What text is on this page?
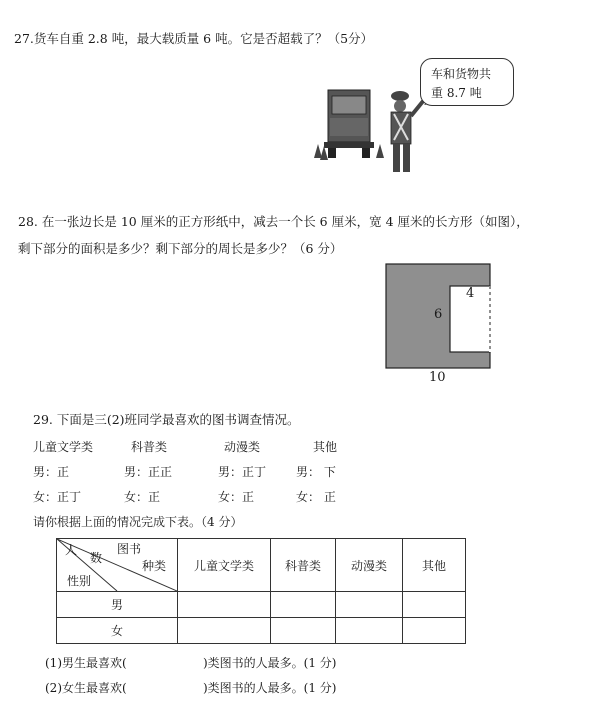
27.货车自重 2.8 吨，最大载质量 6 吨。它是否超载了？（5分）
车和货物共
重 8.7 吨
28. 在一张边长是 10 厘米的正方形纸中，减去一个长 6 厘米，宽 4 厘米的长方形（如图），
剩下部分的面积是多少？剩下部分的周长是多少？（6 分）
6
4
10
29. 下面是三(2)班同学最喜欢的图书调查情况。
儿童文学类	科普类	动漫类	其他
男：正	男：正正	男：正丁 男： 下
女：正丁	女：正	女：正	女： 正
请你根据上面的情况完成下表。（4 分）
图书
人
数
种类
性别	儿童文学类	科普类	动漫类	其他
男				
女				
(1)男生最喜欢(                    )类图书的人最多。(1 分)
(2)女生最喜欢(                    )类图书的人最多。(1 分)
